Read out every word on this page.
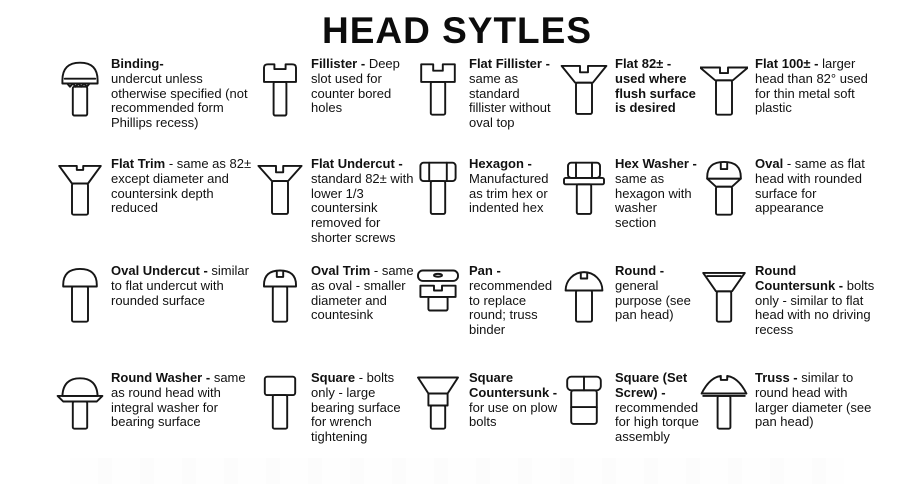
HEAD SYTLES
Binding-
undercut unless otherwise specified (not recommended form Phillips recess)
Fillister - Deep slot used for counter bored holes
Flat Fillister - same as standard fillister without oval top
Flat 82± - used where flush surface is desired
Flat 100± - larger head than 82° used for thin metal soft plastic
Flat Trim - same as 82± except diameter and countersink depth reduced
Flat Undercut - standard 82± with lower 1/3 countersink removed for shorter screws
Hexagon - Manufactured as trim hex or indented hex
Hex Washer - same as hexagon with washer section
Oval - same as flat head with rounded surface for appearance
Oval Undercut - similar to flat undercut with rounded surface
Oval Trim - same as oval - smaller diameter and countesink
Pan - recommended to replace round; truss binder
Round - general purpose (see pan head)
Round Countersunk - bolts only - similar to flat head with no driving recess
Round Washer - same as round head with integral washer for bearing surface
Square - bolts only - large bearing surface for wrench tightening
Square Countersunk - for use on plow bolts
Square (Set Screw) - recommended for high torque assembly
Truss - similar to round head with larger diameter (see pan head)
